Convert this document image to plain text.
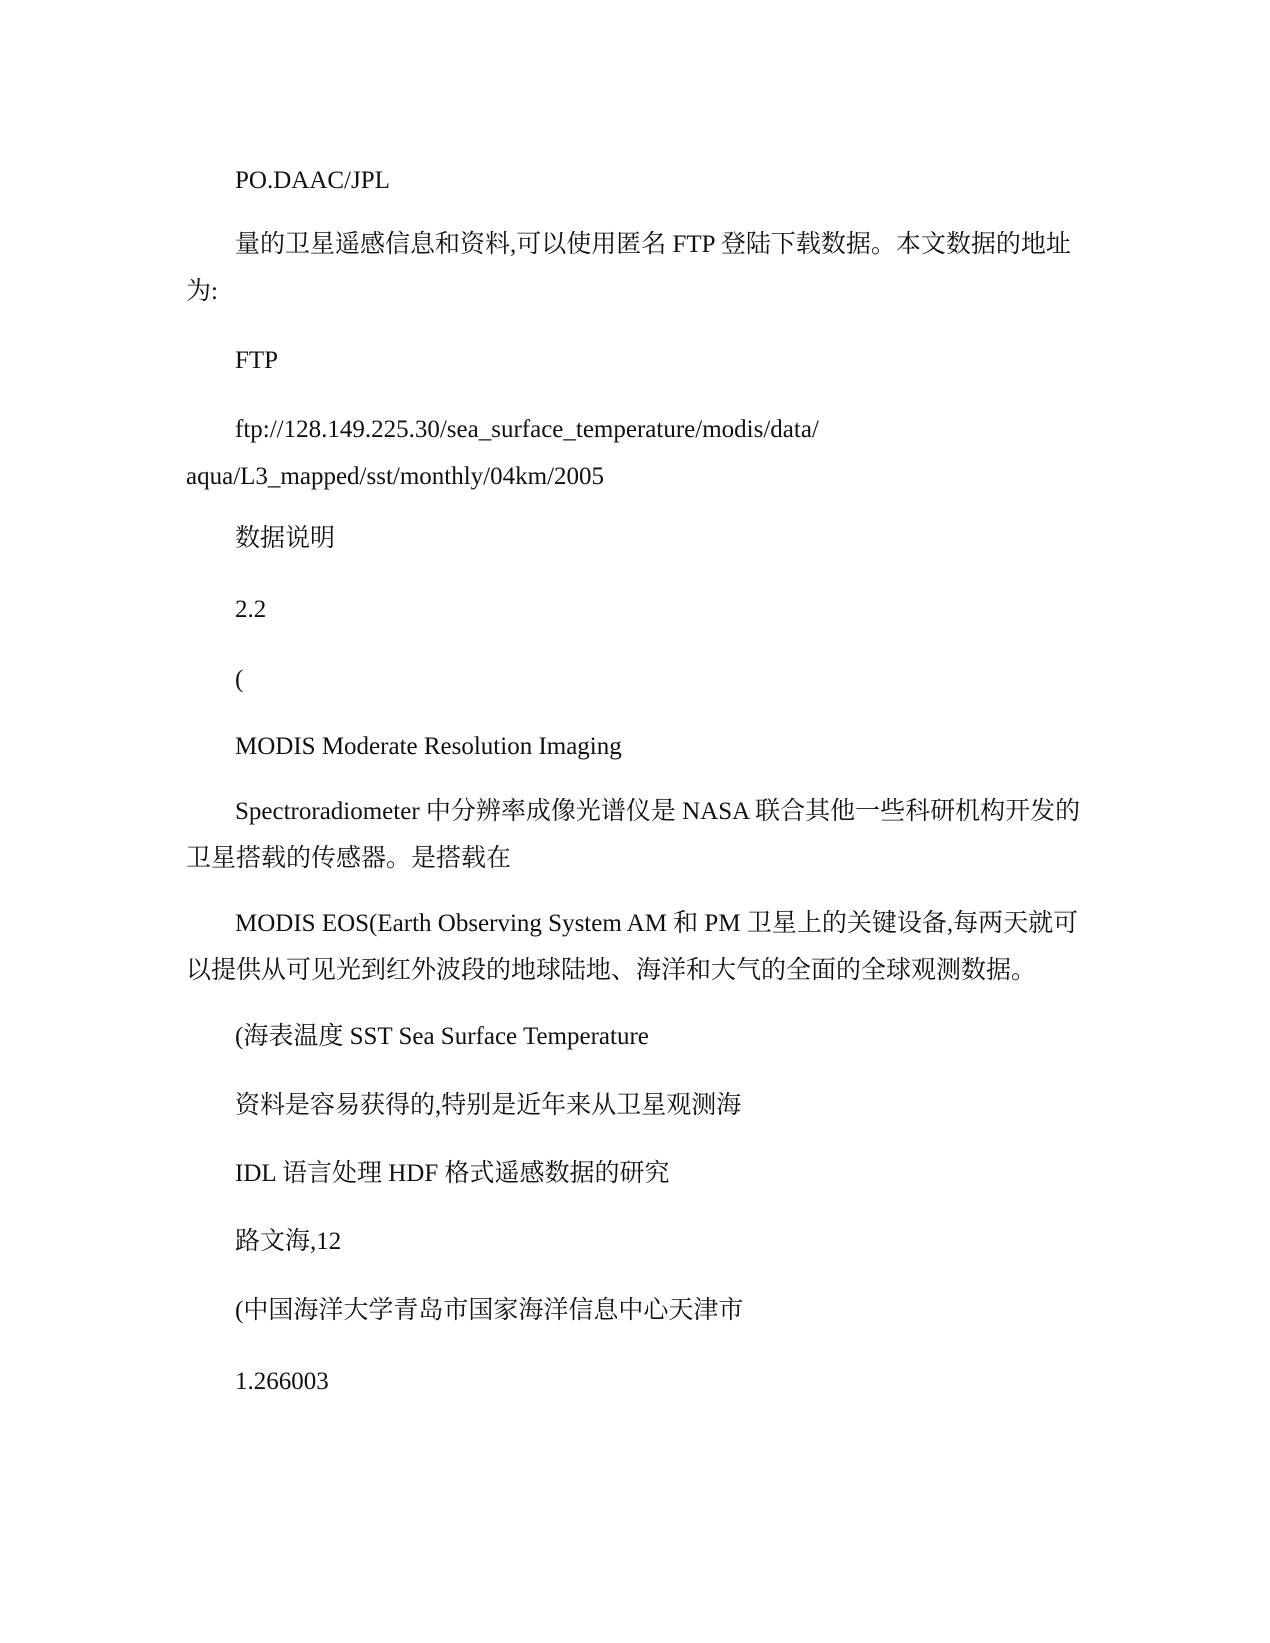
PO.DAAC/JPL

量的卫星遥感信息和资料,可以使用匿名 FTP 登陆下载数据。本文数据的地址为:

FTP

ftp://128.149.225.30/sea_surface_temperature/modis/data/ aqua/L3_mapped/sst/monthly/04km/2005

数据说明

2.2

(

MODIS Moderate Resolution Imaging

Spectroradiometer 中分辨率成像光谱仪是 NASA 联合其他一些科研机构开发的卫星搭载的传感器。是搭载在

MODIS EOS(Earth Observing System AM 和 PM 卫星上的关键设备,每两天就可以提供从可见光到红外波段的地球陆地、海洋和大气的全面的全球观测数据。

(海表温度 SST Sea Surface Temperature

资料是容易获得的,特别是近年来从卫星观测海

IDL 语言处理 HDF 格式遥感数据的研究

路文海,12

(中国海洋大学青岛市国家海洋信息中心天津市

1.266003
